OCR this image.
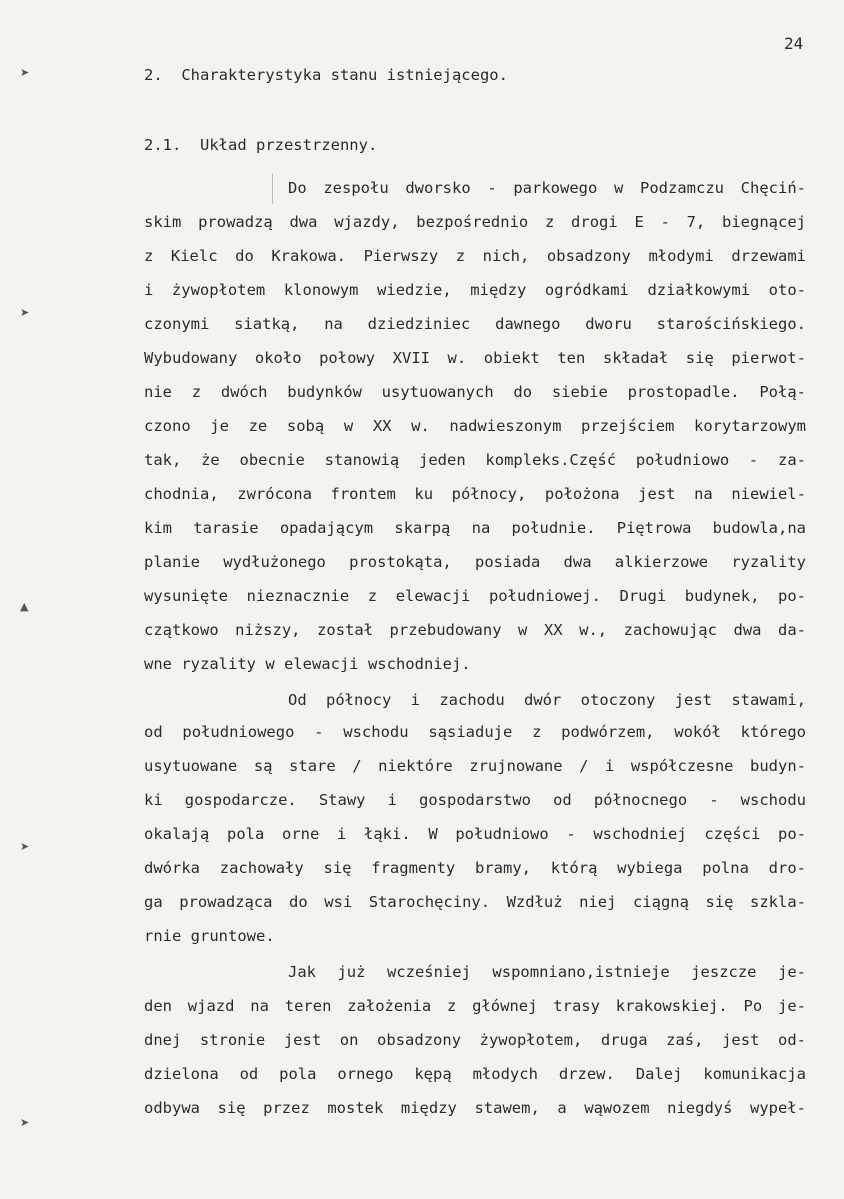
24
2.  Charakterystyka stanu istniejącego.
2.1.  Układ przestrzenny.
Do zespołu dworsko - parkowego w Podzamczu Chęciń-
skim prowadzą dwa wjazdy, bezpośrednio z drogi E - 7, biegnącej
z Kielc do Krakowa. Pierwszy z nich, obsadzony młodymi drzewami
i żywopłotem klonowym wiedzie, między ogródkami działkowymi oto-
czonymi siatką, na dziedziniec dawnego dworu starościńskiego.
Wybudowany około połowy XVII w. obiekt ten składał się pierwot-
nie z dwóch budynków usytuowanych do siebie prostopadle. Połą-
czono je ze sobą w XX w. nadwieszonym przejściem korytarzowym
tak, że obecnie stanowią jeden kompleks.Część południowo - za-
chodnia, zwrócona frontem ku północy, położona jest na niewiel-
kim tarasie opadającym skarpą na południe. Piętrowa budowla,na
planie wydłużonego prostokąta, posiada dwa alkierzowe ryzality
wysunięte nieznacznie z elewacji południowej. Drugi budynek, po-
czątkowo niższy, został przebudowany w XX w., zachowując dwa da-
wne ryzality w elewacji wschodniej.
Od północy i zachodu dwór otoczony jest stawami,
od południowego - wschodu sąsiaduje z podwórzem, wokół którego
usytuowane są stare / niektóre zrujnowane / i współczesne budyn-
ki gospodarcze. Stawy i gospodarstwo od północnego - wschodu
okalają pola orne i łąki. W południowo - wschodniej części po-
dwórka zachowały się fragmenty bramy, którą wybiega polna dro-
ga prowadząca do wsi Starochęciny. Wzdłuż niej ciągną się szkla-
rnie gruntowe.
Jak już wcześniej wspomniano,istnieje jeszcze je-
den wjazd na teren założenia z głównej trasy krakowskiej. Po je-
dnej stronie jest on obsadzony żywopłotem, druga zaś, jest od-
dzielona od pola ornego kępą młodych drzew. Dalej komunikacja
odbywa się przez mostek między stawem, a wąwozem niegdyś wypeł-
➤
➤
▲
➤
➤
